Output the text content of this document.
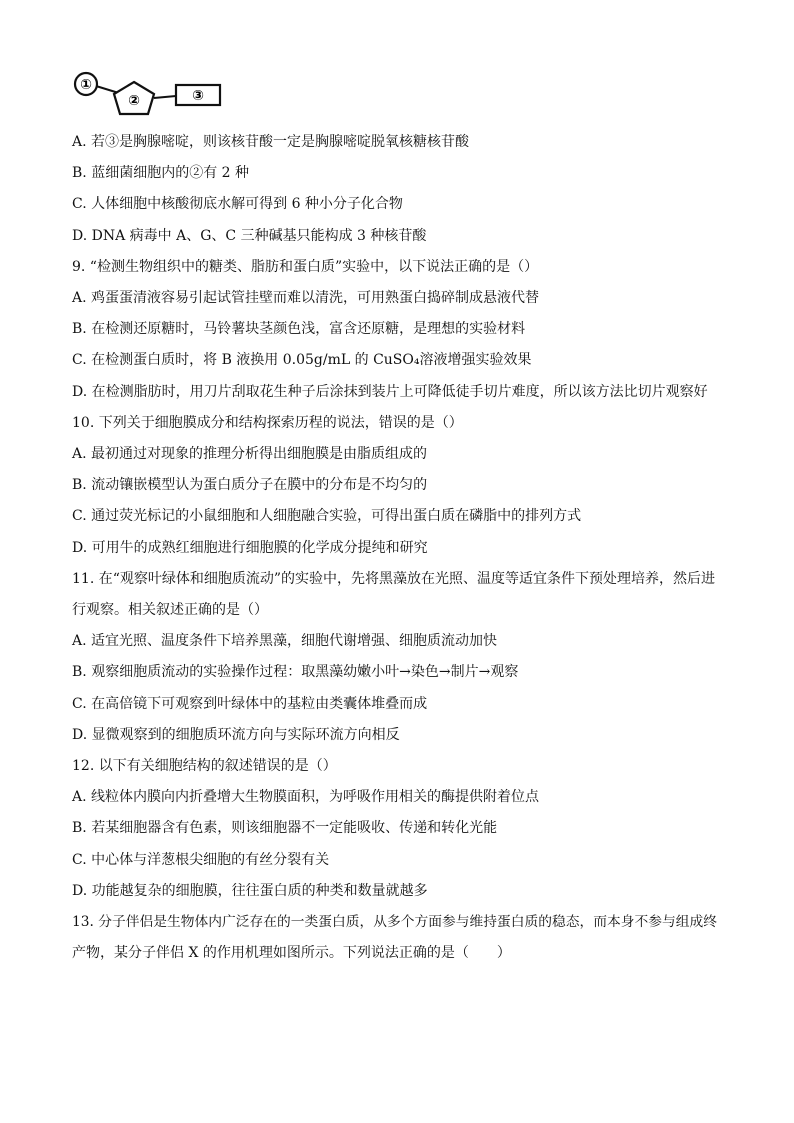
①
②	③
A. 若③是胸腺嘧啶，则该核苷酸一定是胸腺嘧啶脱氧核糖核苷酸
B. 蓝细菌细胞内的②有 2 种
C. 人体细胞中核酸彻底水解可得到 6 种小分子化合物
D. DNA 病毒中 A、G、C 三种碱基只能构成 3 种核苷酸
9. “检测生物组织中的糖类、脂肪和蛋白质”实验中，以下说法正确的是（）
A. 鸡蛋蛋清液容易引起试管挂壁而难以清洗，可用熟蛋白捣碎制成悬液代替
B. 在检测还原糖时，马铃薯块茎颜色浅，富含还原糖，是理想的实验材料
C. 在检测蛋白质时，将 B 液换用 0.05g/mL 的 CuSO₄溶液增强实验效果
D. 在检测脂肪时，用刀片刮取花生种子后涂抹到装片上可降低徒手切片难度，所以该方法比切片观察好
10. 下列关于细胞膜成分和结构探索历程的说法，错误的是（）
A. 最初通过对现象的推理分析得出细胞膜是由脂质组成的
B. 流动镶嵌模型认为蛋白质分子在膜中的分布是不均匀的
C. 通过荧光标记的小鼠细胞和人细胞融合实验，可得出蛋白质在磷脂中的排列方式
D. 可用牛的成熟红细胞进行细胞膜的化学成分提纯和研究
11. 在“观察叶绿体和细胞质流动”的实验中，先将黑藻放在光照、温度等适宜条件下预处理培养，然后进
行观察。相关叙述正确的是（）
A. 适宜光照、温度条件下培养黑藻，细胞代谢增强、细胞质流动加快
B. 观察细胞质流动的实验操作过程：取黑藻幼嫩小叶→染色→制片→观察
C. 在高倍镜下可观察到叶绿体中的基粒由类囊体堆叠而成
D. 显微观察到的细胞质环流方向与实际环流方向相反
12. 以下有关细胞结构的叙述错误的是（）
A. 线粒体内膜向内折叠增大生物膜面积，为呼吸作用相关的酶提供附着位点
B. 若某细胞器含有色素，则该细胞器不一定能吸收、传递和转化光能
C. 中心体与洋葱根尖细胞的有丝分裂有关
D. 功能越复杂的细胞膜，往往蛋白质的种类和数量就越多
13. 分子伴侣是生物体内广泛存在的一类蛋白质，从多个方面参与维持蛋白质的稳态，而本身不参与组成终
产物，某分子伴侣 X 的作用机理如图所示。下列说法正确的是（　　）
